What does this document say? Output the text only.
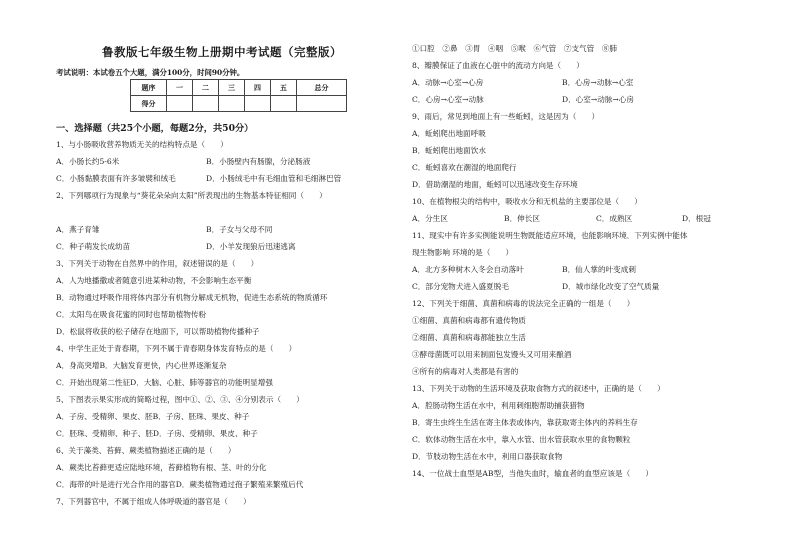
鲁教版七年级生物上册期中考试题（完整版）
考试说明：本试卷五个大题，满分100分，时间90分钟。
题序	一	二	三	四	五	总分
得分						
一、选择题（共25个小题，每题2分，共50分）
1、与小肠吸收营养物质无关的结构特点是（　　）
A．小肠长约5-6米	B．小肠壁内有肠腺，分泌肠液
C．小肠黏膜表面有许多皱襞和绒毛	D．小肠绒毛中有毛细血管和毛细淋巴管
2、下列哪项行为现象与“葵花朵朵向太阳”所表现出的生物基本特征相同（　　）
A．燕子育雏	B．子女与父母不同
C．种子萌发长成幼苗	D．小羊发现狼后迅速逃离
3、下列关于动物在自然界中的作用，叙述错误的是（　　）
A．人为地播撒或者随意引进某种动物，不会影响生态平衡
B．动物通过呼吸作用将体内部分有机物分解成无机物，促进生态系统的物质循环
C．太阳鸟在吸食花蜜的同时也帮助植物传粉
D．松鼠将收获的松子储存在地面下，可以帮助植物传播种子
4、中学生正处于青春期，下列不属于青春期身体发育特点的是（　　）
A．身高突增B．大脑发育更快，内心世界逐渐复杂
C．开始出现第二性征D．大脑、心脏、肺等器官的功能明显增强
5、下图表示果实形成的简略过程，图中①、②、③、④分别表示（　　）
A．子房、受精卵、果皮、胚B．子房、胚珠、果皮、种子
C．胚珠、受精卵、种子、胚D．子房、受精卵、果皮、种子
6、关于藻类、苔藓、蕨类植物描述正确的是（　　）
A．蕨类比苔藓更适应陆地环境，苔藓植物有根、茎、叶的分化
C．海带的叶是进行光合作用的器官D．蕨类植物通过孢子繁殖来繁殖后代
7、下列器官中，不属于组成人体呼吸道的器官是（　　）
①口腔　②鼻　③胃　④咽　⑤喉　⑥气管　⑦支气管　⑧肺
8、瓣膜保证了血液在心脏中的流动方向是（　　）
A．动脉→心室→心房	B．心房→动脉→心室
C．心房→心室→动脉	D．心室→动脉→心房
9、雨后，常见到地面上有一些蚯蚓，这是因为（　　）
A．蚯蚓爬出地面呼吸
B．蚯蚓爬出地面饮水
C．蚯蚓喜欢在潮湿的地面爬行
D．借助潮湿的地面，蚯蚓可以迅速改变生存环境
10、在植物根尖的结构中，吸收水分和无机盐的主要部位是（　　）
A．分生区	B．伸长区	C．成熟区	D．根冠
11、现实中有许多实例能说明生物既能适应环境，也能影响环境．下列实例中能体
现生物影响 环境的是（　　）
A．北方多种树木入冬会自动落叶	B．仙人掌的叶变成刺
C．部分宠物犬进入盛夏脱毛	D．城市绿化改变了空气质量
12、下列关于细菌、真菌和病毒的说法完全正确的一组是（　　）
①细菌、真菌和病毒都有遗传物质
②细菌、真菌和病毒都能独立生活
③酵母菌既可以用来制面包发馒头又可用来酿酒
④所有的病毒对人类都是有害的
13、下列关于动物的生活环境及获取食物方式的叙述中，正确的是（　　）
A．腔肠动物生活在水中，利用刺细胞帮助捕获猎物
B．寄生虫终生生活在寄主体表或体内，靠获取寄主体内的养料生存
C．软体动物生活在水中，靠入水管、出水管获取水里的食物颗粒
D．节肢动物生活在水中，利用口器获取食物
14、一位战士血型是AB型，当他失血时，输血者的血型应该是（　　）
